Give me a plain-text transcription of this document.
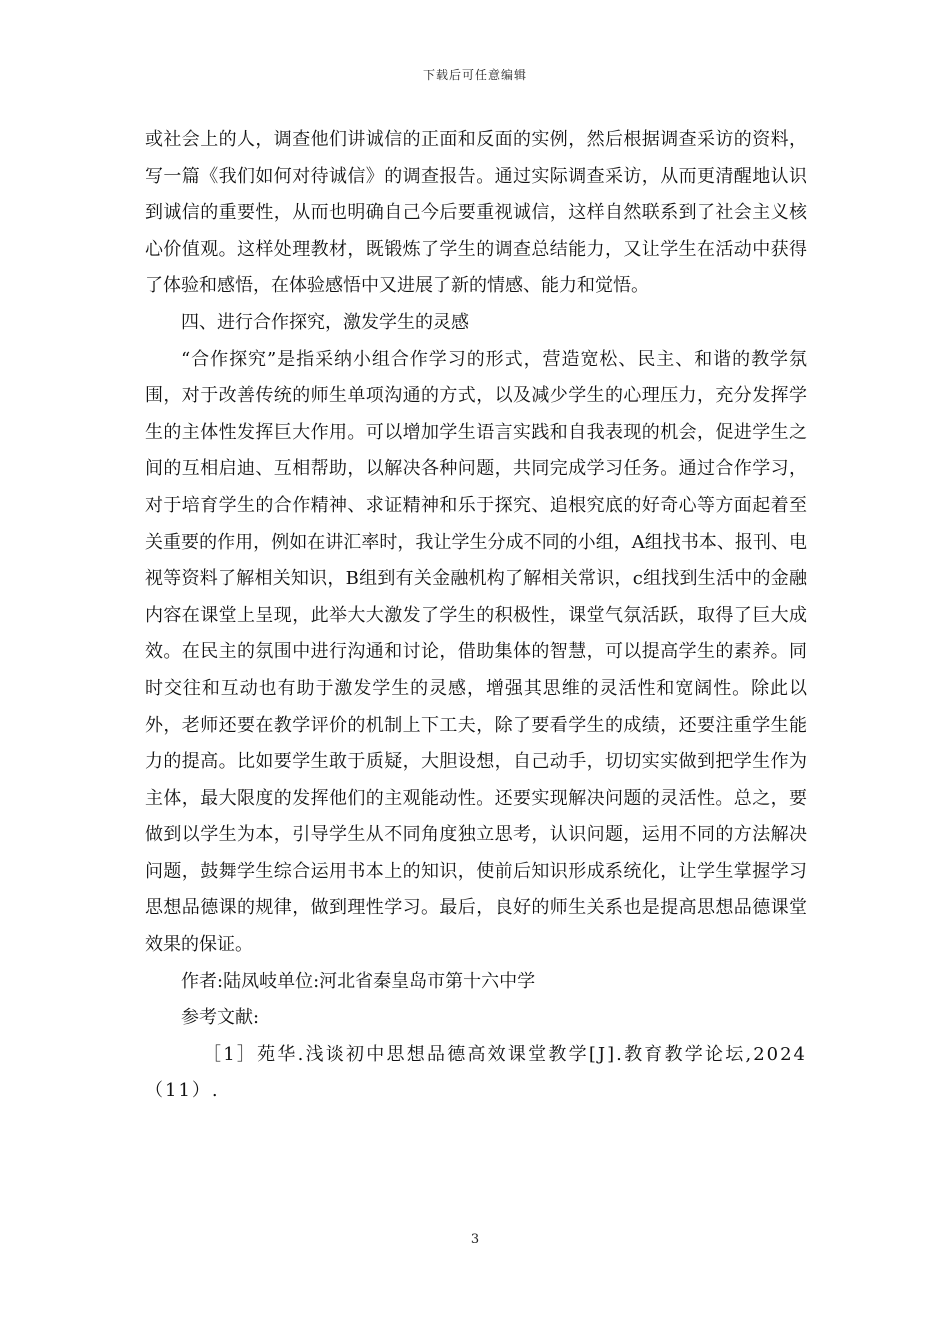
下载后可任意编辑

或社会上的人，调查他们讲诚信的正面和反面的实例，然后根据调查采访的资料，写一篇《我们如何对待诚信》的调查报告。通过实际调查采访，从而更清醒地认识到诚信的重要性，从而也明确自己今后要重视诚信，这样自然联系到了社会主义核心价值观。这样处理教材，既锻炼了学生的调查总结能力，又让学生在活动中获得了体验和感悟，在体验感悟中又进展了新的情感、能力和觉悟。

四、进行合作探究，激发学生的灵感

“合作探究”是指采纳小组合作学习的形式，营造宽松、民主、和谐的教学氛围，对于改善传统的师生单项沟通的方式，以及减少学生的心理压力，充分发挥学生的主体性发挥巨大作用。可以增加学生语言实践和自我表现的机会，促进学生之间的互相启迪、互相帮助，以解决各种问题，共同完成学习任务。通过合作学习，对于培育学生的合作精神、求证精神和乐于探究、追根究底的好奇心等方面起着至关重要的作用，例如在讲汇率时，我让学生分成不同的小组，A组找书本、报刊、电视等资料了解相关知识，B组到有关金融机构了解相关常识，c组找到生活中的金融内容在课堂上呈现，此举大大激发了学生的积极性，课堂气氛活跃，取得了巨大成效。在民主的氛围中进行沟通和讨论，借助集体的智慧，可以提高学生的素养。同时交往和互动也有助于激发学生的灵感，增强其思维的灵活性和宽阔性。除此以外，老师还要在教学评价的机制上下工夫，除了要看学生的成绩，还要注重学生能力的提高。比如要学生敢于质疑，大胆设想，自己动手，切切实实做到把学生作为主体，最大限度的发挥他们的主观能动性。还要实现解决问题的灵活性。总之，要做到以学生为本，引导学生从不同角度独立思考，认识问题，运用不同的方法解决问题，鼓舞学生综合运用书本上的知识，使前后知识形成系统化，让学生掌握学习思想品德课的规律，做到理性学习。最后，良好的师生关系也是提高思想品德课堂效果的保证。

作者:陆凤岐单位:河北省秦皇岛市第十六中学

参考文献:

［1］苑华.浅谈初中思想品德高效课堂教学[J].教育教学论坛,2024（11）.

3
